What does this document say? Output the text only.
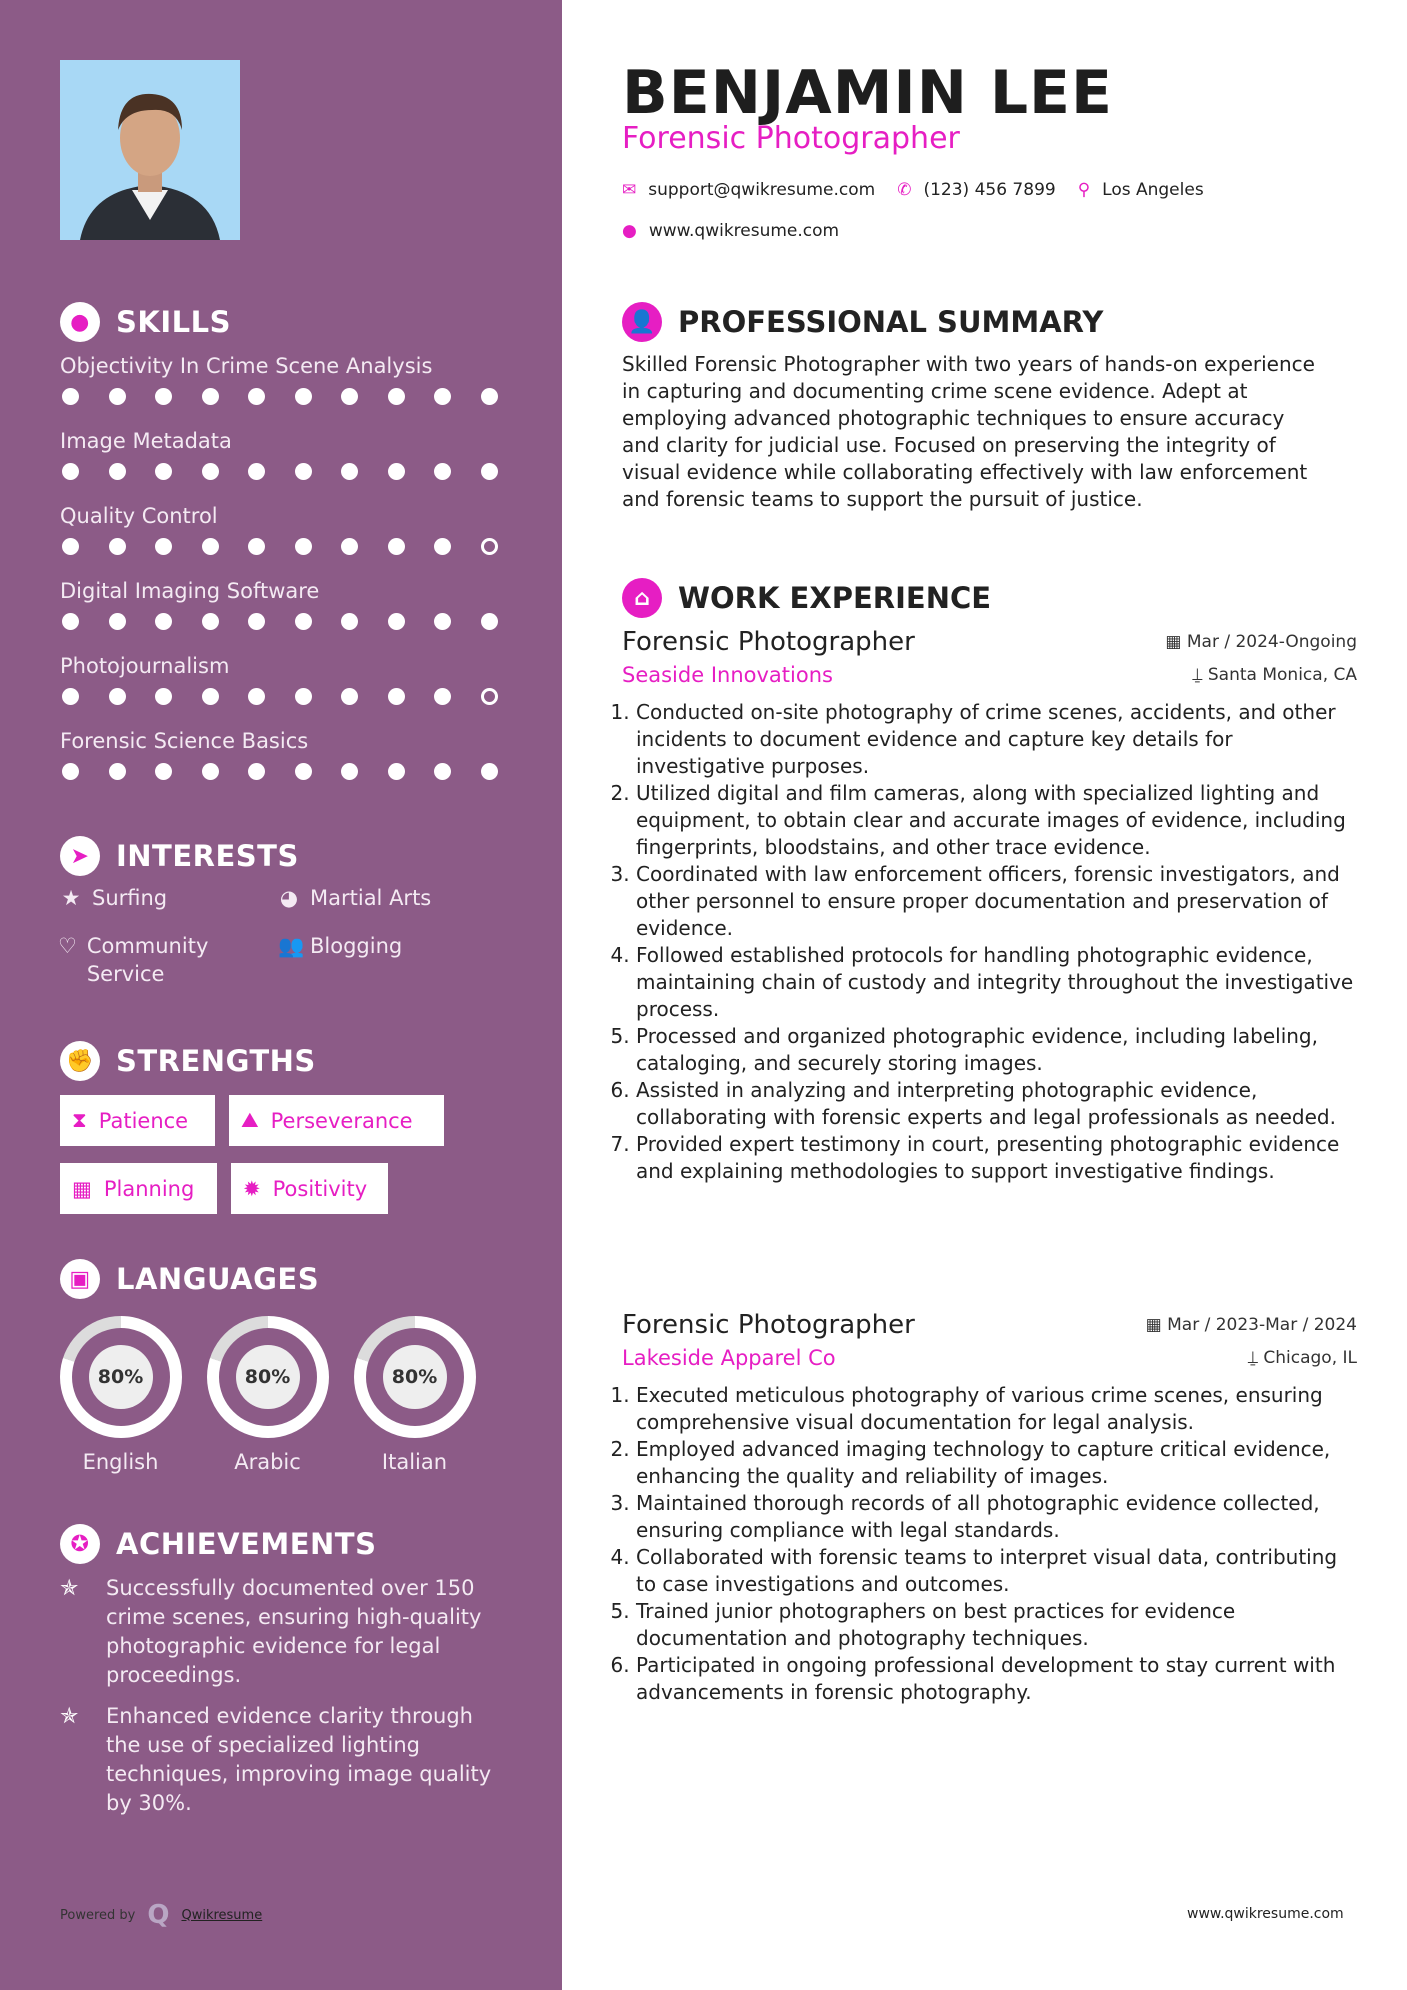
● SKILLS
Objectivity In Crime Scene Analysis
Image Metadata
Quality Control
Digital Imaging Software
Photojournalism
Forensic Science Basics
➤ INTERESTS
★ Surfing	◕ Martial Arts
♡ Community Service
👥 Blogging
✊ STRENGTHS
⧗ Patience	⛰ Perseverance
▦ Planning ✹ Positivity
▣ LANGUAGES
80%
English
80%
Arabic
80%
Italian
✪ ACHIEVEMENTS
✯	Successfully documented over 150 crime scenes, ensuring high-quality photographic evidence for legal proceedings.
✯	Enhanced evidence clarity through the use of specialized lighting techniques, improving image quality by 30%.
Powered by Q Qwikresume
BENJAMIN LEE
Forensic Photographer
✉ support@qwikresume.com ✆ (123) 456 7899 ⚲ Los Angeles
● www.qwikresume.com
👤 PROFESSIONAL SUMMARY
Skilled Forensic Photographer with two years of hands-on experience in capturing and documenting crime scene evidence. Adept at employing advanced photographic techniques to ensure accuracy and clarity for judicial use. Focused on preserving the integrity of visual evidence while collaborating effectively with law enforcement and forensic teams to support the pursuit of justice.
⌂ WORK EXPERIENCE
Forensic Photographer	▦ Mar / 2024-Ongoing
Seaside Innovations	⍊ Santa Monica, CA
1. Conducted on-site photography of crime scenes, accidents, and other incidents to document evidence and capture key details for investigative purposes.
2. Utilized digital and film cameras, along with specialized lighting and equipment, to obtain clear and accurate images of evidence, including fingerprints, bloodstains, and other trace evidence.
3. Coordinated with law enforcement officers, forensic investigators, and other personnel to ensure proper documentation and preservation of evidence.
4. Followed established protocols for handling photographic evidence, maintaining chain of custody and integrity throughout the investigative process.
5. Processed and organized photographic evidence, including labeling, cataloging, and securely storing images.
6. Assisted in analyzing and interpreting photographic evidence, collaborating with forensic experts and legal professionals as needed.
7. Provided expert testimony in court, presenting photographic evidence and explaining methodologies to support investigative findings.
Forensic Photographer	▦ Mar / 2023-Mar / 2024
Lakeside Apparel Co	⍊ Chicago, IL
1. Executed meticulous photography of various crime scenes, ensuring comprehensive visual documentation for legal analysis.
2. Employed advanced imaging technology to capture critical evidence, enhancing the quality and reliability of images.
3. Maintained thorough records of all photographic evidence collected, ensuring compliance with legal standards.
4. Collaborated with forensic teams to interpret visual data, contributing to case investigations and outcomes.
5. Trained junior photographers on best practices for evidence documentation and photography techniques.
6. Participated in ongoing professional development to stay current with advancements in forensic photography.
www.qwikresume.com
